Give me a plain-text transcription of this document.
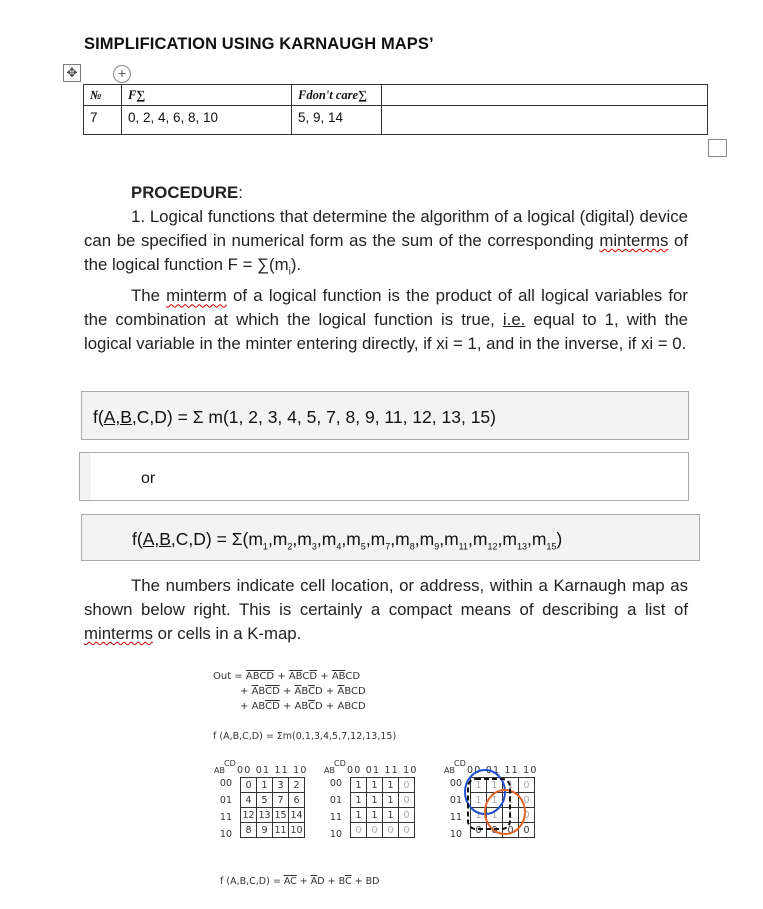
SIMPLIFICATION USING KARNAUGH MAPS’
✥	+
№	F∑	Fdon't care∑	
7	0, 2, 4, 6, 8, 10	5, 9, 14	

PROCEDURE:

1. Logical functions that determine the algorithm of a logical (digital) device can be specified in numerical form as the sum of the corresponding minterms of the logical function $F = \sum(m_i)$.

The minterm of a logical function is the product of all logical variables for the combination at which the logical function is true, i.e. equal to 1, with the logical variable in the minter entering directly, if xi = 1, and in the inverse, if xi = 0.

f(A,B,C,D) = Σ m(1, 2, 3, 4, 5, 7, 8, 9, 11, 12, 13, 15)
or
$f(A,B,C,D) = \Sigma(m_1,m_2,m_3,m_4,m_5,m_7,m_8,m_9,m_{11},m_{12},m_{13},m_{15})$

The numbers indicate cell location, or address, within a Karnaugh map as shown below right. This is certainly a compact means of describing a list of minterms or cells in a K-map.

Out = ABCD + $\overline{AB}C\overline{D} + \overline{AB}CD$
+ $\overline{A}B\overline{CD} + \overline{A}B\overline{C}D + \overline{A}BCD$
+ $AB\overline{CD} + AB\overline{C}D$ + ABCD
f (A,B,C,D) = Σm(0,1,3,4,5,7,12,13,15)
CD
AB 00 01 11 10
00
01
11
10
0	1	3	2
4	5	7	6
12	13	15	14
8	9	11	10
CD
AB 00 01 11 10
00
01
11
10
1	1	1	0
1	1	1	0
1	1	1	0
0	0	0	0
CD
AB 00 01 11 10
00
01
11
10
1	1	1	0
1	1	1	0
1	1	1	0
0	0	0	0
f $(A,B,C,D) = \overline{AC} + \overline{A}D + B\overline{C}$ + BD
